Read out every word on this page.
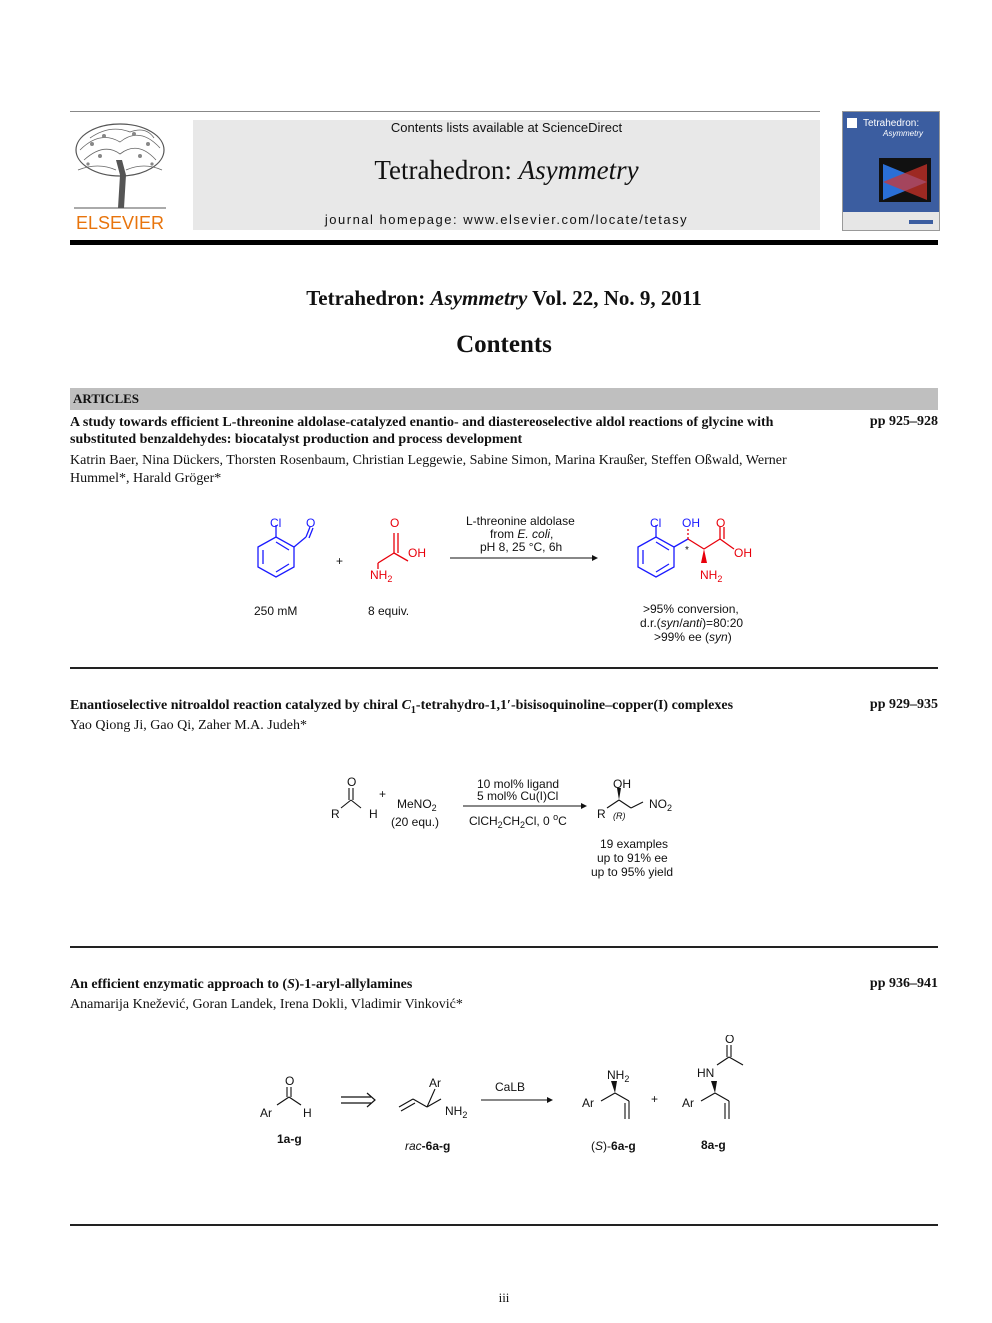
ELSEVIER
Contents lists available at ScienceDirect
Tetrahedron: Asymmetry
journal homepage: www.elsevier.com/locate/tetasy
Tetrahedron:
Asymmetry
Tetrahedron: Asymmetry Vol. 22, No. 9, 2011
Contents
ARTICLES
A study towards efficient L-threonine aldolase-catalyzed enantio- and diastereoselective aldol reactions of glycine with substituted benzaldehydes: biocatalyst production and process development
pp 925–928
Katrin Baer, Nina Dückers, Thorsten Rosenbaum, Christian Leggewie, Sabine Simon, Marina Kraußer, Steffen Oßwald, Werner Hummel*, Harald Gröger*
Cl O
+
O
OH
$NH_2$
L-threonine aldolase
from E. coli,
pH 8, 25 °C, 6h
Cl OH
*
O
OH
$NH_2$
250 mM	8 equiv.	>95% conversion,
d.r.(syn/anti)=80:20
>99% ee (syn)
Enantioselective nitroaldol reaction catalyzed by chiral $C_1-tetrahydro-1,1'-bisisoquinoline-copper(I)$ complexes	pp 929–935
Yao Qiong Ji, Gao Qi, Zaher M.A. Judeh*
O
R H
+
MeNO$_2$
(20 equ.)
10 mol% ligand
5 mol% Cu(I)Cl
$ClCH_2CH_2Cl$, 0 $^o$C
OH
R (R)
$NO_2$
19 examples
up to 91% ee
up to 95% yield
An efficient enzymatic approach to (S)-1-aryl-allylamines	pp 936–941
Anamarija Knežević, Goran Landek, Irena Dokli, Vladimir Vinković*
O
Ar	H
1a-g
Ar
$NH_2$
rac-6a-g
CaLB
$NH_2$
Ar
(S)-6a-g
+
O
HN
Ar
8a-g
iii
